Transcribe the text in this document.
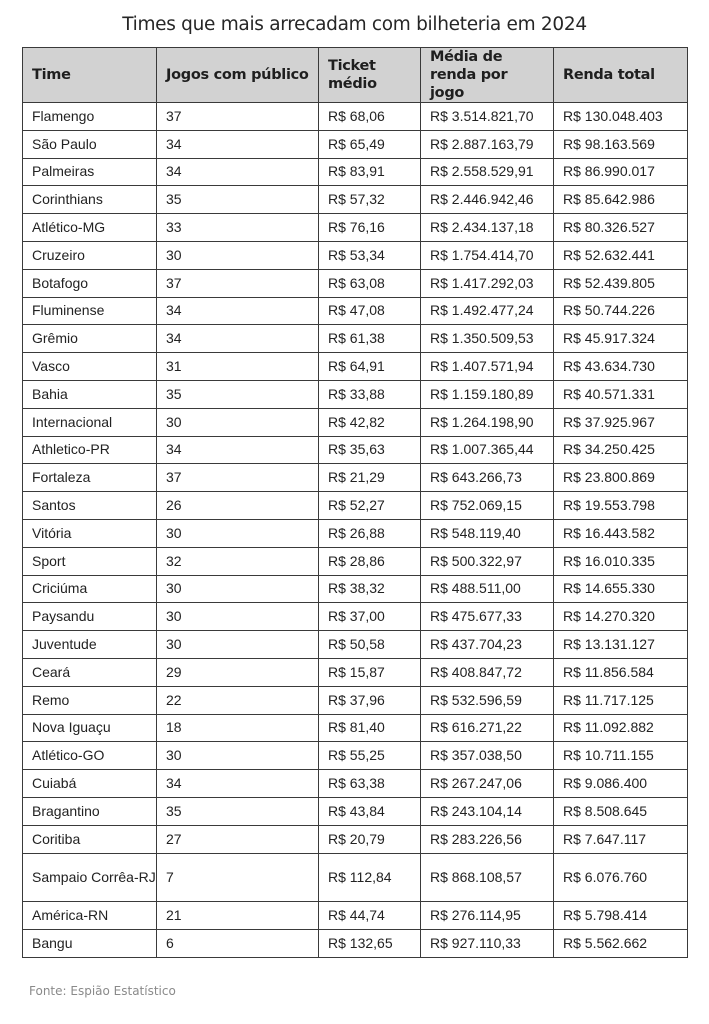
Times que mais arrecadam com bilheteria em 2024
Time	Jogos com público	Ticket médio	Média de renda por jogo	Renda total
Flamengo	37	R$ 68,06	R$ 3.514.821,70	R$ 130.048.403
São Paulo	34	R$ 65,49	R$ 2.887.163,79	R$ 98.163.569
Palmeiras	34	R$ 83,91	R$ 2.558.529,91	R$ 86.990.017
Corinthians	35	R$ 57,32	R$ 2.446.942,46	R$ 85.642.986
Atlético-MG	33	R$ 76,16	R$ 2.434.137,18	R$ 80.326.527
Cruzeiro	30	R$ 53,34	R$ 1.754.414,70	R$ 52.632.441
Botafogo	37	R$ 63,08	R$ 1.417.292,03	R$ 52.439.805
Fluminense	34	R$ 47,08	R$ 1.492.477,24	R$ 50.744.226
Grêmio	34	R$ 61,38	R$ 1.350.509,53	R$ 45.917.324
Vasco	31	R$ 64,91	R$ 1.407.571,94	R$ 43.634.730
Bahia	35	R$ 33,88	R$ 1.159.180,89	R$ 40.571.331
Internacional	30	R$ 42,82	R$ 1.264.198,90	R$ 37.925.967
Athletico-PR	34	R$ 35,63	R$ 1.007.365,44	R$ 34.250.425
Fortaleza	37	R$ 21,29	R$ 643.266,73	R$ 23.800.869
Santos	26	R$ 52,27	R$ 752.069,15	R$ 19.553.798
Vitória	30	R$ 26,88	R$ 548.119,40	R$ 16.443.582
Sport	32	R$ 28,86	R$ 500.322,97	R$ 16.010.335
Criciúma	30	R$ 38,32	R$ 488.511,00	R$ 14.655.330
Paysandu	30	R$ 37,00	R$ 475.677,33	R$ 14.270.320
Juventude	30	R$ 50,58	R$ 437.704,23	R$ 13.131.127
Ceará	29	R$ 15,87	R$ 408.847,72	R$ 11.856.584
Remo	22	R$ 37,96	R$ 532.596,59	R$ 11.717.125
Nova Iguaçu	18	R$ 81,40	R$ 616.271,22	R$ 11.092.882
Atlético-GO	30	R$ 55,25	R$ 357.038,50	R$ 10.711.155
Cuiabá	34	R$ 63,38	R$ 267.247,06	R$ 9.086.400
Bragantino	35	R$ 43,84	R$ 243.104,14	R$ 8.508.645
Coritiba	27	R$ 20,79	R$ 283.226,56	R$ 7.647.117
Sampaio Corrêa-RJ	7	R$ 112,84	R$ 868.108,57	R$ 6.076.760
América-RN	21	R$ 44,74	R$ 276.114,95	R$ 5.798.414
Bangu	6	R$ 132,65	R$ 927.110,33	R$ 5.562.662
Fonte: Espião Estatístico
